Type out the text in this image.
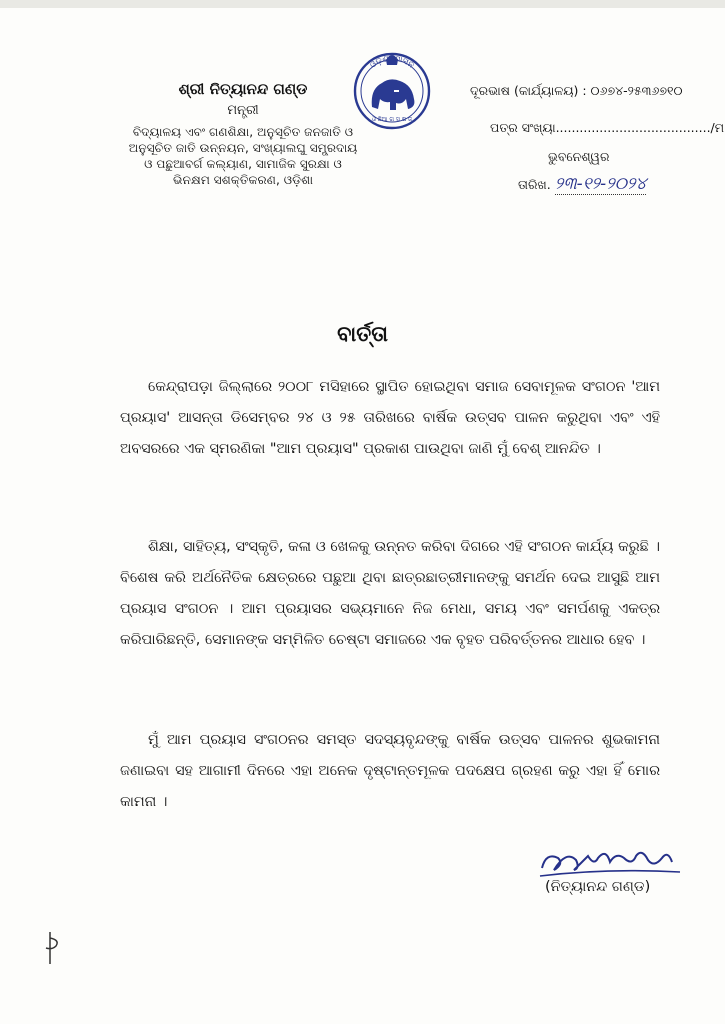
ଶ୍ରୀ ନିତ୍ୟାନନ୍ଦ ଗଣ୍ଡ
ମନ୍ତ୍ରୀ
ବିଦ୍ୟାଳୟ ଏବଂ ଗଣଶିକ୍ଷା, ଅନୁସୂଚିତ ଜନଜାତି ଓ
ଅନୁସୂଚିତ ଜାତି ଉନ୍ନୟନ, ସଂଖ୍ୟାଲଘୁ ସମ୍ପ୍ରଦାୟ
ଓ ପଛୁଆବର୍ଗ କଲ୍ୟାଣ, ସାମାଜିକ ସୁରକ୍ଷା ଓ
ଭିନକ୍ଷମ ସଶକ୍ତିକରଣ, ଓଡ଼ିଶା
ଓଡ଼ିଶା ଶାସନ
ଓଁ ଛିଆ ଗ ସ ଷ ଜ
ଦୂରଭାଷ (କାର୍ଯ୍ୟାଳୟ) : ୦୬୭୪-୨୫୩୬୭୧୦
ପତ୍ର ସଂଖ୍ୟା......................................./ମ
ଭୁବନେଶ୍ୱର
ତାରିଖ. ୨୩-୧୨-୨୦୨୪
ବାର୍ତ୍ତା

କେନ୍ଦ୍ରାପଡ଼ା ଜିଲ୍ଲାରେ ୨୦୦୮ ମସିହାରେ ସ୍ଥାପିତ ହୋଇଥିବା ସମାଜ ସେବାମୂଳକ ସଂଗଠନ 'ଆମ ପ୍ରୟାସ' ଆସନ୍ତା ଡିସେମ୍ବର ୨୪ ଓ ୨୫ ତାରିଖରେ ବାର୍ଷିକ ଉତ୍ସବ ପାଳନ କରୁଥିବା ଏବଂ ଏହି ଅବସରରେ ଏକ ସ୍ମରଣିକା "ଆମ ପ୍ରୟାସ" ପ୍ରକାଶ ପାଉଥିବା ଜାଣି ମୁଁ ବେଶ୍ ଆନନ୍ଦିତ ।

ଶିକ୍ଷା, ସାହିତ୍ୟ, ସଂସ୍କୃତି, କଳା ଓ ଖେଳକୁ ଉନ୍ନତ କରିବା ଦିଗରେ ଏହି ସଂଗଠନ କାର୍ଯ୍ୟ କରୁଛି । ବିଶେଷ କରି ଅର୍ଥନୈତିକ କ୍ଷେତ୍ରରେ ପଛୁଆ ଥିବା ଛାତ୍ରଛାତ୍ରୀମାନଙ୍କୁ ସମର୍ଥନ ଦେଇ ଆସୁଛି ଆମ ପ୍ରୟାସ ସଂଗଠନ । ଆମ ପ୍ରୟାସର ସଭ୍ୟମାନେ ନିଜ ମେଧା, ସମୟ ଏବଂ ସମର୍ପଣକୁ ଏକତ୍ର କରିପାରିଛନ୍ତି, ସେମାନଙ୍କ ସମ୍ମିଳିତ ଚେଷ୍ଟା ସମାଜରେ ଏକ ବୃହତ ପରିବର୍ତ୍ତନର ଆଧାର ହେବ ।

ମୁଁ ଆମ ପ୍ରୟାସ ସଂଗଠନର ସମସ୍ତ ସଦସ୍ୟବୃନ୍ଦଙ୍କୁ ବାର୍ଷିକ ଉତ୍ସବ ପାଳନର ଶୁଭକାମନା ଜଣାଇବା ସହ ଆଗାମୀ ଦିନରେ ଏହା ଅନେକ ଦୃଷ୍ଟାନ୍ତମୂଳକ ପଦକ୍ଷେପ ଗ୍ରହଣ କରୁ ଏହା ହିଁ ମୋର କାମନା ।

(ନିତ୍ୟାନନ୍ଦ ଗଣ୍ଡ)
